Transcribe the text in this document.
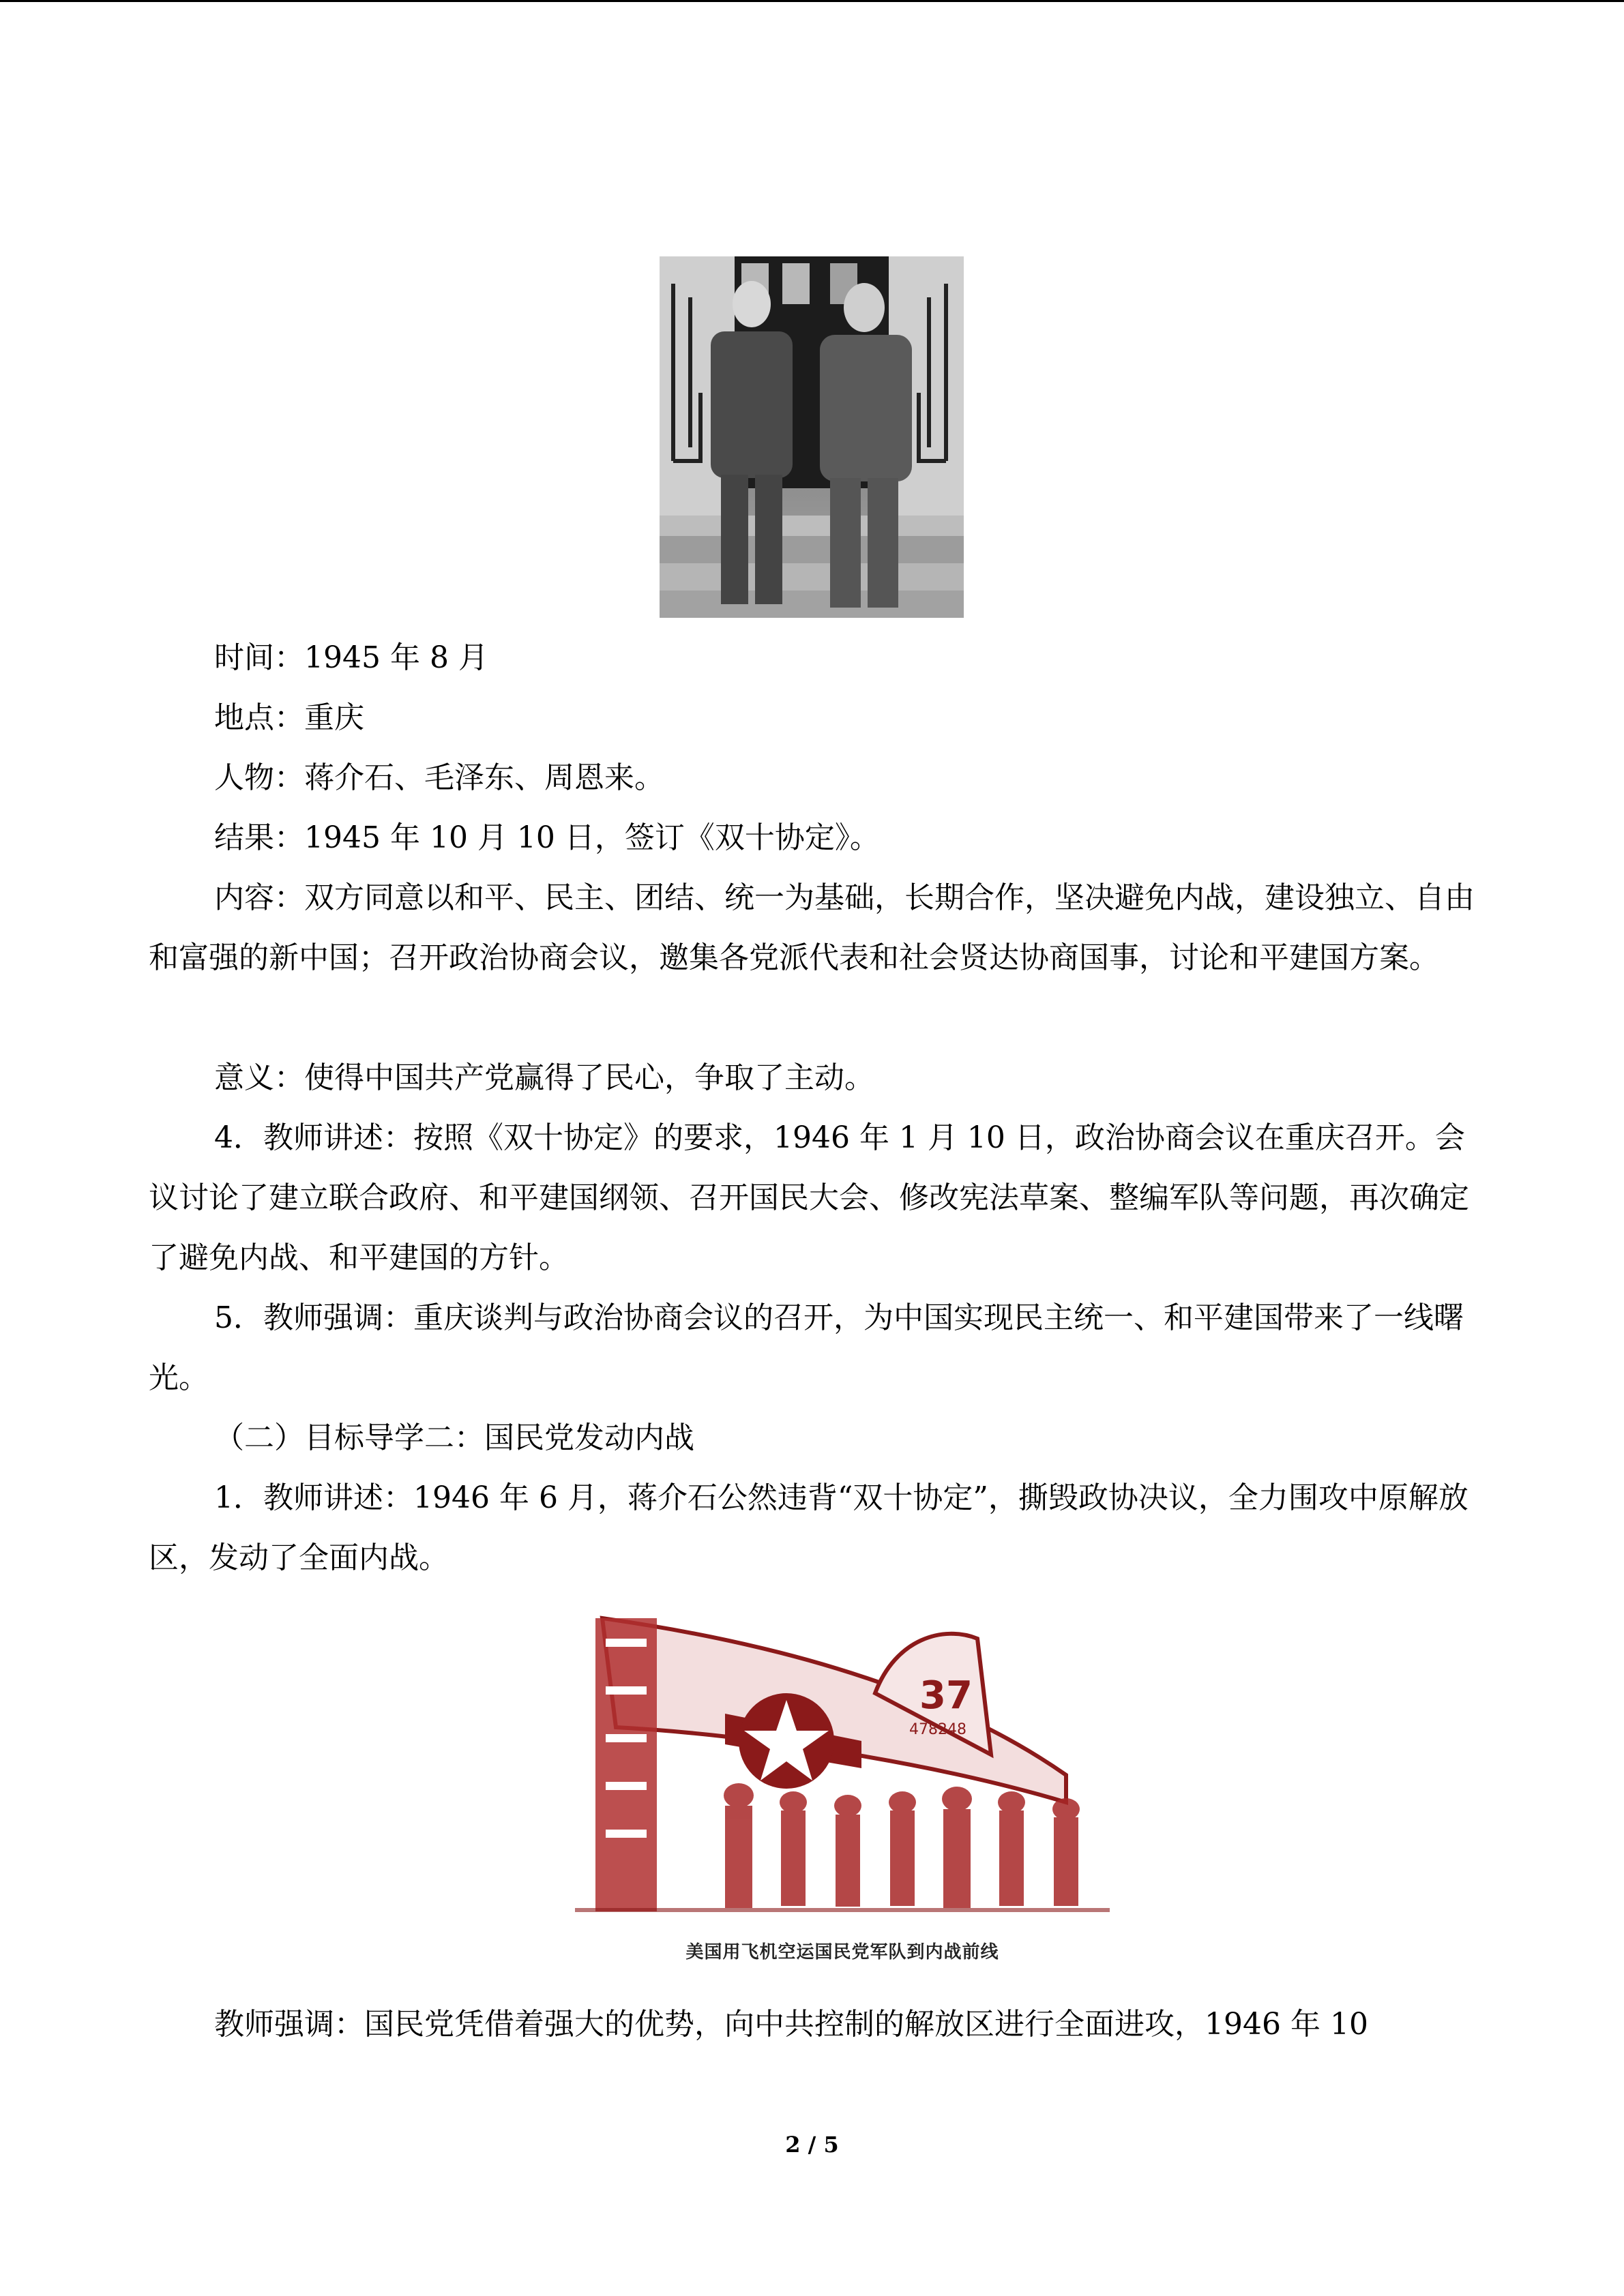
时间：1945 年 8 月

地点：重庆

人物：蒋介石、毛泽东、周恩来。

结果：1945 年 10 月 10 日，签订《双十协定》。

内容：双方同意以和平、民主、团结、统一为基础，长期合作，坚决避免内战，建设独立、自由和富强的新中国；召开政治协商会议，邀集各党派代表和社会贤达协商国事，讨论和平建国方案。

意义：使得中国共产党赢得了民心，争取了主动。

4．教师讲述：按照《双十协定》的要求，1946 年 1 月 10 日，政治协商会议在重庆召开。会议讨论了建立联合政府、和平建国纲领、召开国民大会、修改宪法草案、整编军队等问题，再次确定了避免内战、和平建国的方针。

5．教师强调：重庆谈判与政治协商会议的召开，为中国实现民主统一、和平建国带来了一线曙光。

（二）目标导学二：国民党发动内战

1．教师讲述：1946 年 6 月，蒋介石公然违背“双十协定”，撕毁政协决议，全力围攻中原解放区，发动了全面内战。

37
478248
美国用飞机空运国民党军队到内战前线

教师强调：国民党凭借着强大的优势，向中共控制的解放区进行全面进攻，1946 年 10

2 / 5
